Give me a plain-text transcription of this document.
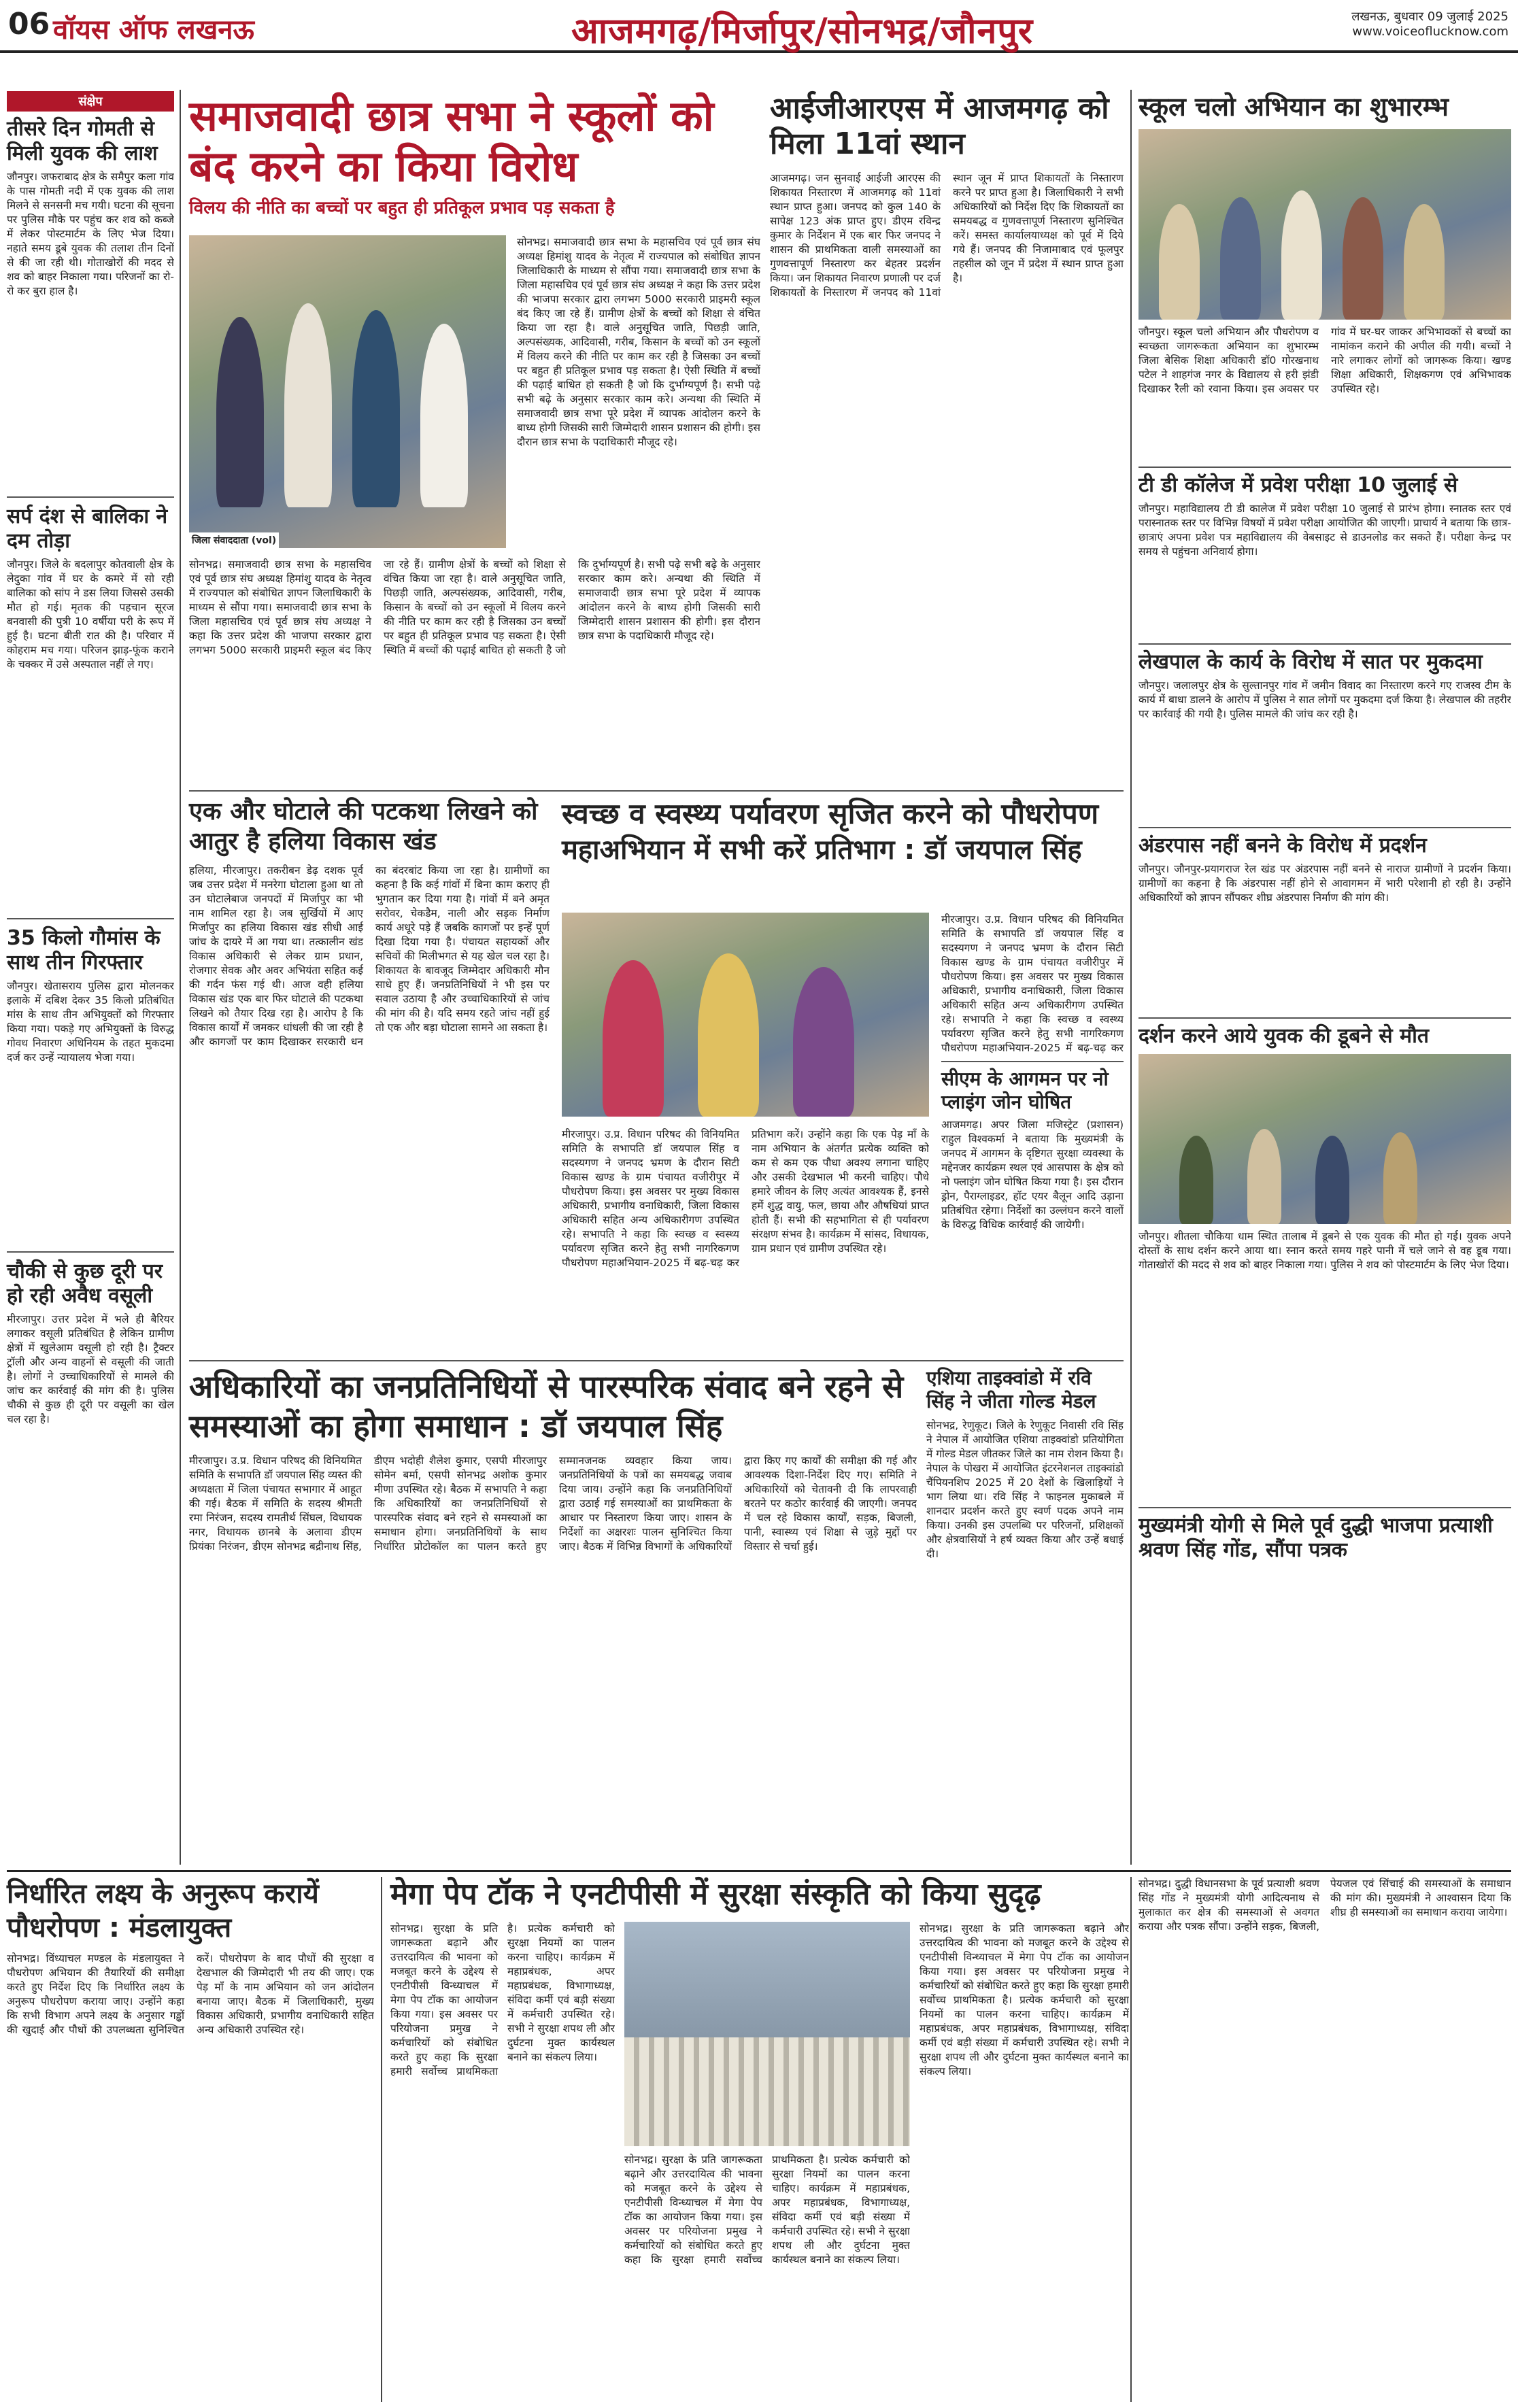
06 वॉयस ऑफ लखनऊ	आजमगढ़/मिर्जापुर/सोनभद्र/जौनपुर	लखनऊ, बुधवार 09 जुलाई 2025
www.voiceoflucknow.com
संक्षेप
तीसरे दिन गोमती से मिली युवक की लाश
जौनपुर। जफराबाद क्षेत्र के समैपुर कला गांव के पास गोमती नदी में एक युवक की लाश मिलने से सनसनी मच गयी। घटना की सूचना पर पुलिस मौके पर पहुंच कर शव को कब्जे में लेकर पोस्टमार्टम के लिए भेज दिया। नहाते समय डूबे युवक की तलाश तीन दिनों से की जा रही थी। गोताखोरों की मदद से शव को बाहर निकाला गया। परिजनों का रो-रो कर बुरा हाल है।
सर्प दंश से बालिका ने दम तोड़ा
जौनपुर। जिले के बदलापुर कोतवाली क्षेत्र के लेदुका गांव में घर के कमरे में सो रही बालिका को सांप ने डस लिया जिससे उसकी मौत हो गई। मृतक की पहचान सूरज बनवासी की पुत्री 10 वर्षीया परी के रूप में हुई है। घटना बीती रात की है। परिवार में कोहराम मच गया। परिजन झाड़-फूंक कराने के चक्कर में उसे अस्पताल नहीं ले गए।
35 किलो गौमांस के साथ तीन गिरफ्तार
जौनपुर। खेतासराय पुलिस द्वारा मोलनकर इलाके में दबिश देकर 35 किलो प्रतिबंधित मांस के साथ तीन अभियुक्तों को गिरफ्तार किया गया। पकड़े गए अभियुक्तों के विरुद्ध गोवध निवारण अधिनियम के तहत मुकदमा दर्ज कर उन्हें न्यायालय भेजा गया।
चौकी से कुछ दूरी पर हो रही अवैध वसूली
मीरजापुर। उत्तर प्रदेश में भले ही बैरियर लगाकर वसूली प्रतिबंधित है लेकिन ग्रामीण क्षेत्रों में खुलेआम वसूली हो रही है। ट्रैक्टर ट्रॉली और अन्य वाहनों से वसूली की जाती है। लोगों ने उच्चाधिकारियों से मामले की जांच कर कार्रवाई की मांग की है। पुलिस चौकी से कुछ ही दूरी पर वसूली का खेल चल रहा है।
समाजवादी छात्र सभा ने स्कूलों को बंद करने का किया विरोध
विलय की नीति का बच्चों पर बहुत ही प्रतिकूल प्रभाव पड़ सकता है
जिला संवाददाता (vol)
सोनभद्र। समाजवादी छात्र सभा के महासचिव एवं पूर्व छात्र संघ अध्यक्ष हिमांशु यादव के नेतृत्व में राज्यपाल को संबोधित ज्ञापन जिलाधिकारी के माध्यम से सौंपा गया। समाजवादी छात्र सभा के जिला महासचिव एवं पूर्व छात्र संघ अध्यक्ष ने कहा कि उत्तर प्रदेश की भाजपा सरकार द्वारा लगभग 5000 सरकारी प्राइमरी स्कूल बंद किए जा रहे हैं। ग्रामीण क्षेत्रों के बच्चों को शिक्षा से वंचित किया जा रहा है। वाले अनुसूचित जाति, पिछड़ी जाति, अल्पसंख्यक, आदिवासी, गरीब, किसान के बच्चों को उन स्कूलों में विलय करने की नीति पर काम कर रही है जिसका उन बच्चों पर बहुत ही प्रतिकूल प्रभाव पड़ सकता है। ऐसी स्थिति में बच्चों की पढ़ाई बाधित हो सकती है जो कि दुर्भाग्यपूर्ण है। सभी पढ़े सभी बढ़े के अनुसार सरकार काम करे। अन्यथा की स्थिति में समाजवादी छात्र सभा पूरे प्रदेश में व्यापक आंदोलन करने के बाध्य होगी जिसकी सारी जिम्मेदारी शासन प्रशासन की होगी। इस दौरान छात्र सभा के पदाधिकारी मौजूद रहे।
सोनभद्र। समाजवादी छात्र सभा के महासचिव एवं पूर्व छात्र संघ अध्यक्ष हिमांशु यादव के नेतृत्व में राज्यपाल को संबोधित ज्ञापन जिलाधिकारी के माध्यम से सौंपा गया। समाजवादी छात्र सभा के जिला महासचिव एवं पूर्व छात्र संघ अध्यक्ष ने कहा कि उत्तर प्रदेश की भाजपा सरकार द्वारा लगभग 5000 सरकारी प्राइमरी स्कूल बंद किए जा रहे हैं। ग्रामीण क्षेत्रों के बच्चों को शिक्षा से वंचित किया जा रहा है। वाले अनुसूचित जाति, पिछड़ी जाति, अल्पसंख्यक, आदिवासी, गरीब, किसान के बच्चों को उन स्कूलों में विलय करने की नीति पर काम कर रही है जिसका उन बच्चों पर बहुत ही प्रतिकूल प्रभाव पड़ सकता है। ऐसी स्थिति में बच्चों की पढ़ाई बाधित हो सकती है जो कि दुर्भाग्यपूर्ण है। सभी पढ़े सभी बढ़े के अनुसार सरकार काम करे। अन्यथा की स्थिति में समाजवादी छात्र सभा पूरे प्रदेश में व्यापक आंदोलन करने के बाध्य होगी जिसकी सारी जिम्मेदारी शासन प्रशासन की होगी। इस दौरान छात्र सभा के पदाधिकारी मौजूद रहे।
आईजीआरएस में आजमगढ़ को मिला 11वां स्थान
आजमगढ़। जन सुनवाई आईजी आरएस की शिकायत निस्तारण में आजमगढ़ को 11वां स्थान प्राप्त हुआ। जनपद को कुल 140 के सापेक्ष 123 अंक प्राप्त हुए। डीएम रविन्द्र कुमार के निर्देशन में एक बार फिर जनपद ने शासन की प्राथमिकता वाली समस्याओं का गुणवत्तापूर्ण निस्तारण कर बेहतर प्रदर्शन किया। जन शिकायत निवारण प्रणाली पर दर्ज शिकायतों के निस्तारण में जनपद को 11वां स्थान जून में प्राप्त शिकायतों के निस्तारण करने पर प्राप्त हुआ है। जिलाधिकारी ने सभी अधिकारियों को निर्देश दिए कि शिकायतों का समयबद्ध व गुणवत्तापूर्ण निस्तारण सुनिश्चित करें। समस्त कार्यालयाध्यक्ष को पूर्व में दिये गये हैं। जनपद की निजामाबाद एवं फूलपुर तहसील को जून में प्रदेश में स्थान प्राप्त हुआ है।
एक और घोटाले की पटकथा लिखने को आतुर है हलिया विकास खंड
हलिया, मीरजापुर। तकरीबन डेढ़ दशक पूर्व जब उत्तर प्रदेश में मनरेगा घोटाला हुआ था तो उन घोटालेबाज जनपदों में मिर्जापुर का भी नाम शामिल रहा है। जब सुर्खियों में आए मिर्जापुर का हलिया विकास खंड सीधी आई जांच के दायरे में आ गया था। तत्कालीन खंड विकास अधिकारी से लेकर ग्राम प्रधान, रोजगार सेवक और अवर अभियंता सहित कई की गर्दन फंस गई थी। आज वही हलिया विकास खंड एक बार फिर घोटाले की पटकथा लिखने को तैयार दिख रहा है। आरोप है कि विकास कार्यों में जमकर धांधली की जा रही है और कागजों पर काम दिखाकर सरकारी धन का बंदरबांट किया जा रहा है। ग्रामीणों का कहना है कि कई गांवों में बिना काम कराए ही भुगतान कर दिया गया है। गांवों में बने अमृत सरोवर, चेकडैम, नाली और सड़क निर्माण कार्य अधूरे पड़े हैं जबकि कागजों पर इन्हें पूर्ण दिखा दिया गया है। पंचायत सहायकों और सचिवों की मिलीभगत से यह खेल चल रहा है। शिकायत के बावजूद जिम्मेदार अधिकारी मौन साधे हुए हैं। जनप्रतिनिधियों ने भी इस पर सवाल उठाया है और उच्चाधिकारियों से जांच की मांग की है। यदि समय रहते जांच नहीं हुई तो एक और बड़ा घोटाला सामने आ सकता है।
स्वच्छ व स्वस्थ्य पर्यावरण सृजित करने को पौधरोपण
महाअभियान में सभी करें प्रतिभाग : डॉ जयपाल सिंह
मीरजापुर। उ.प्र. विधान परिषद की विनियमित समिति के सभापति डॉ जयपाल सिंह व सदस्यगण ने जनपद भ्रमण के दौरान सिटी विकास खण्ड के ग्राम पंचायत वजीरीपुर में पौधरोपण किया। इस अवसर पर मुख्य विकास अधिकारी, प्रभागीय वनाधिकारी, जिला विकास अधिकारी सहित अन्य अधिकारीगण उपस्थित रहे। सभापति ने कहा कि स्वच्छ व स्वस्थ्य पर्यावरण सृजित करने हेतु सभी नागरिकगण पौधरोपण महाअभियान-2025 में बढ़-चढ़ कर प्रतिभाग करें। उन्होंने कहा कि एक पेड़ माँ के नाम अभियान के अंतर्गत प्रत्येक व्यक्ति को कम से कम एक पौधा अवश्य लगाना चाहिए और उसकी देखभाल भी करनी चाहिए। पौधे हमारे जीवन के लिए अत्यंत आवश्यक हैं, इनसे हमें शुद्ध वायु, फल, छाया और औषधियां प्राप्त होती हैं। सभी की सहभागिता से ही पर्यावरण संरक्षण संभव है। कार्यक्रम में सांसद, विधायक, ग्राम प्रधान एवं ग्रामीण उपस्थित रहे।
मीरजापुर। उ.प्र. विधान परिषद की विनियमित समिति के सभापति डॉ जयपाल सिंह व सदस्यगण ने जनपद भ्रमण के दौरान सिटी विकास खण्ड के ग्राम पंचायत वजीरीपुर में पौधरोपण किया। इस अवसर पर मुख्य विकास अधिकारी, प्रभागीय वनाधिकारी, जिला विकास अधिकारी सहित अन्य अधिकारीगण उपस्थित रहे। सभापति ने कहा कि स्वच्छ व स्वस्थ्य पर्यावरण सृजित करने हेतु सभी नागरिकगण पौधरोपण महाअभियान-2025 में बढ़-चढ़ कर
सीएम के आगमन पर नो प्लाइंग जोन घोषित
आजमगढ़। अपर जिला मजिस्ट्रेट (प्रशासन) राहुल विश्वकर्मा ने बताया कि मुख्यमंत्री के जनपद में आगमन के दृष्टिगत सुरक्षा व्यवस्था के मद्देनजर कार्यक्रम स्थल एवं आसपास के क्षेत्र को नो फ्लाइंग जोन घोषित किया गया है। इस दौरान ड्रोन, पैराग्लाइडर, हॉट एयर बैलून आदि उड़ाना प्रतिबंधित रहेगा। निर्देशों का उल्लंघन करने वालों के विरुद्ध विधिक कार्रवाई की जायेगी।
अधिकारियों का जनप्रतिनिधियों से पारस्परिक संवाद बने रहने से समस्याओं का होगा समाधान : डॉ जयपाल सिंह
मीरजापुर। उ.प्र. विधान परिषद की विनियमित समिति के सभापति डॉ जयपाल सिंह व्यस्त की अध्यक्षता में जिला पंचायत सभागार में आहूत की गई। बैठक में समिति के सदस्य श्रीमती रमा निरंजन, सदस्य रामतीर्थ सिंघल, विधायक नगर, विधायक छानबे के अलावा डीएम प्रियंका निरंजन, डीएम सोनभद्र बद्रीनाथ सिंह, डीएम भदोही शैलेश कुमार, एसपी मीरजापुर सोमेन बर्मा, एसपी सोनभद्र अशोक कुमार मीणा उपस्थित रहे। बैठक में सभापति ने कहा कि अधिकारियों का जनप्रतिनिधियों से पारस्परिक संवाद बने रहने से समस्याओं का समाधान होगा। जनप्रतिनिधियों के साथ निर्धारित प्रोटोकॉल का पालन करते हुए सम्मानजनक व्यवहार किया जाय। जनप्रतिनिधियों के पत्रों का समयबद्ध जवाब दिया जाय। उन्होंने कहा कि जनप्रतिनिधियों द्वारा उठाई गई समस्याओं का प्राथमिकता के आधार पर निस्तारण किया जाए। शासन के निर्देशों का अक्षरशः पालन सुनिश्चित किया जाए। बैठक में विभिन्न विभागों के अधिकारियों द्वारा किए गए कार्यों की समीक्षा की गई और आवश्यक दिशा-निर्देश दिए गए। समिति ने अधिकारियों को चेतावनी दी कि लापरवाही बरतने पर कठोर कार्रवाई की जाएगी। जनपद में चल रहे विकास कार्यों, सड़क, बिजली, पानी, स्वास्थ्य एवं शिक्षा से जुड़े मुद्दों पर विस्तार से चर्चा हुई।
एशिया ताइक्वांडो में रवि सिंह ने जीता गोल्ड मेडल
सोनभद्र, रेणुकूट। जिले के रेणुकूट निवासी रवि सिंह ने नेपाल में आयोजित एशिया ताइक्वांडो प्रतियोगिता में गोल्ड मेडल जीतकर जिले का नाम रोशन किया है। नेपाल के पोखरा में आयोजित इंटरनेशनल ताइक्वांडो चैंपियनशिप 2025 में 20 देशों के खिलाड़ियों ने भाग लिया था। रवि सिंह ने फाइनल मुकाबले में शानदार प्रदर्शन करते हुए स्वर्ण पदक अपने नाम किया। उनकी इस उपलब्धि पर परिजनों, प्रशिक्षकों और क्षेत्रवासियों ने हर्ष व्यक्त किया और उन्हें बधाई दी।
स्कूल चलो अभियान का शुभारम्भ
जौनपुर। स्कूल चलो अभियान और पौधरोपण व स्वच्छता जागरूकता अभियान का शुभारम्भ जिला बेसिक शिक्षा अधिकारी डॉ0 गोरखनाथ पटेल ने शाहगंज नगर के विद्यालय से हरी झंडी दिखाकर रैली को रवाना किया। इस अवसर पर गांव में घर-घर जाकर अभिभावकों से बच्चों का नामांकन कराने की अपील की गयी। बच्चों ने नारे लगाकर लोगों को जागरूक किया। खण्ड शिक्षा अधिकारी, शिक्षकगण एवं अभिभावक उपस्थित रहे।
टी डी कॉलेज में प्रवेश परीक्षा 10 जुलाई से
जौनपुर। महाविद्यालय टी डी कालेज में प्रवेश परीक्षा 10 जुलाई से प्रारंभ होगा। स्नातक स्तर एवं परास्नातक स्तर पर विभिन्न विषयों में प्रवेश परीक्षा आयोजित की जाएगी। प्राचार्य ने बताया कि छात्र-छात्राएं अपना प्रवेश पत्र महाविद्यालय की वेबसाइट से डाउनलोड कर सकते हैं। परीक्षा केन्द्र पर समय से पहुंचना अनिवार्य होगा।
लेखपाल के कार्य के विरोध में सात पर मुकदमा
जौनपुर। जलालपुर क्षेत्र के सुल्तानपुर गांव में जमीन विवाद का निस्तारण करने गए राजस्व टीम के कार्य में बाधा डालने के आरोप में पुलिस ने सात लोगों पर मुकदमा दर्ज किया है। लेखपाल की तहरीर पर कार्रवाई की गयी है। पुलिस मामले की जांच कर रही है।
अंडरपास नहीं बनने के विरोध में प्रदर्शन
जौनपुर। जौनपुर-प्रयागराज रेल खंड पर अंडरपास नहीं बनने से नाराज ग्रामीणों ने प्रदर्शन किया। ग्रामीणों का कहना है कि अंडरपास नहीं होने से आवागमन में भारी परेशानी हो रही है। उन्होंने अधिकारियों को ज्ञापन सौंपकर शीघ्र अंडरपास निर्माण की मांग की।
दर्शन करने आये युवक की डूबने से मौत
जौनपुर। शीतला चौकिया धाम स्थित तालाब में डूबने से एक युवक की मौत हो गई। युवक अपने दोस्तों के साथ दर्शन करने आया था। स्नान करते समय गहरे पानी में चले जाने से वह डूब गया। गोताखोरों की मदद से शव को बाहर निकाला गया। पुलिस ने शव को पोस्टमार्टम के लिए भेज दिया।
मुख्यमंत्री योगी से मिले पूर्व दुद्धी भाजपा प्रत्याशी श्रवण सिंह गोंड, सौंपा पत्रक
निर्धारित लक्ष्य के अनुरूप करायें पौधरोपण : मंडलायुक्त
सोनभद्र। विंध्याचल मण्डल के मंडलायुक्त ने पौधरोपण अभियान की तैयारियों की समीक्षा करते हुए निर्देश दिए कि निर्धारित लक्ष्य के अनुरूप पौधरोपण कराया जाए। उन्होंने कहा कि सभी विभाग अपने लक्ष्य के अनुसार गड्ढों की खुदाई और पौधों की उपलब्धता सुनिश्चित करें। पौधरोपण के बाद पौधों की सुरक्षा व देखभाल की जिम्मेदारी भी तय की जाए। एक पेड़ माँ के नाम अभियान को जन आंदोलन बनाया जाए। बैठक में जिलाधिकारी, मुख्य विकास अधिकारी, प्रभागीय वनाधिकारी सहित अन्य अधिकारी उपस्थित रहे।
मेगा पेप टॉक ने एनटीपीसी में सुरक्षा संस्कृति को किया सुदृढ़
सोनभद्र। सुरक्षा के प्रति जागरूकता बढ़ाने और उत्तरदायित्व की भावना को मजबूत करने के उद्देश्य से एनटीपीसी विन्ध्याचल में मेगा पेप टॉक का आयोजन किया गया। इस अवसर पर परियोजना प्रमुख ने कर्मचारियों को संबोधित करते हुए कहा कि सुरक्षा हमारी सर्वोच्च प्राथमिकता है। प्रत्येक कर्मचारी को सुरक्षा नियमों का पालन करना चाहिए। कार्यक्रम में महाप्रबंधक, अपर महाप्रबंधक, विभागाध्यक्ष, संविदा कर्मी एवं बड़ी संख्या में कर्मचारी उपस्थित रहे। सभी ने सुरक्षा शपथ ली और दुर्घटना मुक्त कार्यस्थल बनाने का संकल्प लिया।
सोनभद्र। सुरक्षा के प्रति जागरूकता बढ़ाने और उत्तरदायित्व की भावना को मजबूत करने के उद्देश्य से एनटीपीसी विन्ध्याचल में मेगा पेप टॉक का आयोजन किया गया। इस अवसर पर परियोजना प्रमुख ने कर्मचारियों को संबोधित करते हुए कहा कि सुरक्षा हमारी सर्वोच्च प्राथमिकता है। प्रत्येक कर्मचारी को सुरक्षा नियमों का पालन करना चाहिए। कार्यक्रम में महाप्रबंधक, अपर महाप्रबंधक, विभागाध्यक्ष, संविदा कर्मी एवं बड़ी संख्या में कर्मचारी उपस्थित रहे। सभी ने सुरक्षा शपथ ली और दुर्घटना मुक्त कार्यस्थल बनाने का संकल्प लिया।
सोनभद्र। सुरक्षा के प्रति जागरूकता बढ़ाने और उत्तरदायित्व की भावना को मजबूत करने के उद्देश्य से एनटीपीसी विन्ध्याचल में मेगा पेप टॉक का आयोजन किया गया। इस अवसर पर परियोजना प्रमुख ने कर्मचारियों को संबोधित करते हुए कहा कि सुरक्षा हमारी सर्वोच्च प्राथमिकता है। प्रत्येक कर्मचारी को सुरक्षा नियमों का पालन करना चाहिए। कार्यक्रम में महाप्रबंधक, अपर महाप्रबंधक, विभागाध्यक्ष, संविदा कर्मी एवं बड़ी संख्या में कर्मचारी उपस्थित रहे। सभी ने सुरक्षा शपथ ली और दुर्घटना मुक्त कार्यस्थल बनाने का संकल्प लिया।
सोनभद्र। दुद्धी विधानसभा के पूर्व प्रत्याशी श्रवण सिंह गोंड ने मुख्यमंत्री योगी आदित्यनाथ से मुलाकात कर क्षेत्र की समस्याओं से अवगत कराया और पत्रक सौंपा। उन्होंने सड़क, बिजली, पेयजल एवं सिंचाई की समस्याओं के समाधान की मांग की। मुख्यमंत्री ने आश्वासन दिया कि शीघ्र ही समस्याओं का समाधान कराया जायेगा।
